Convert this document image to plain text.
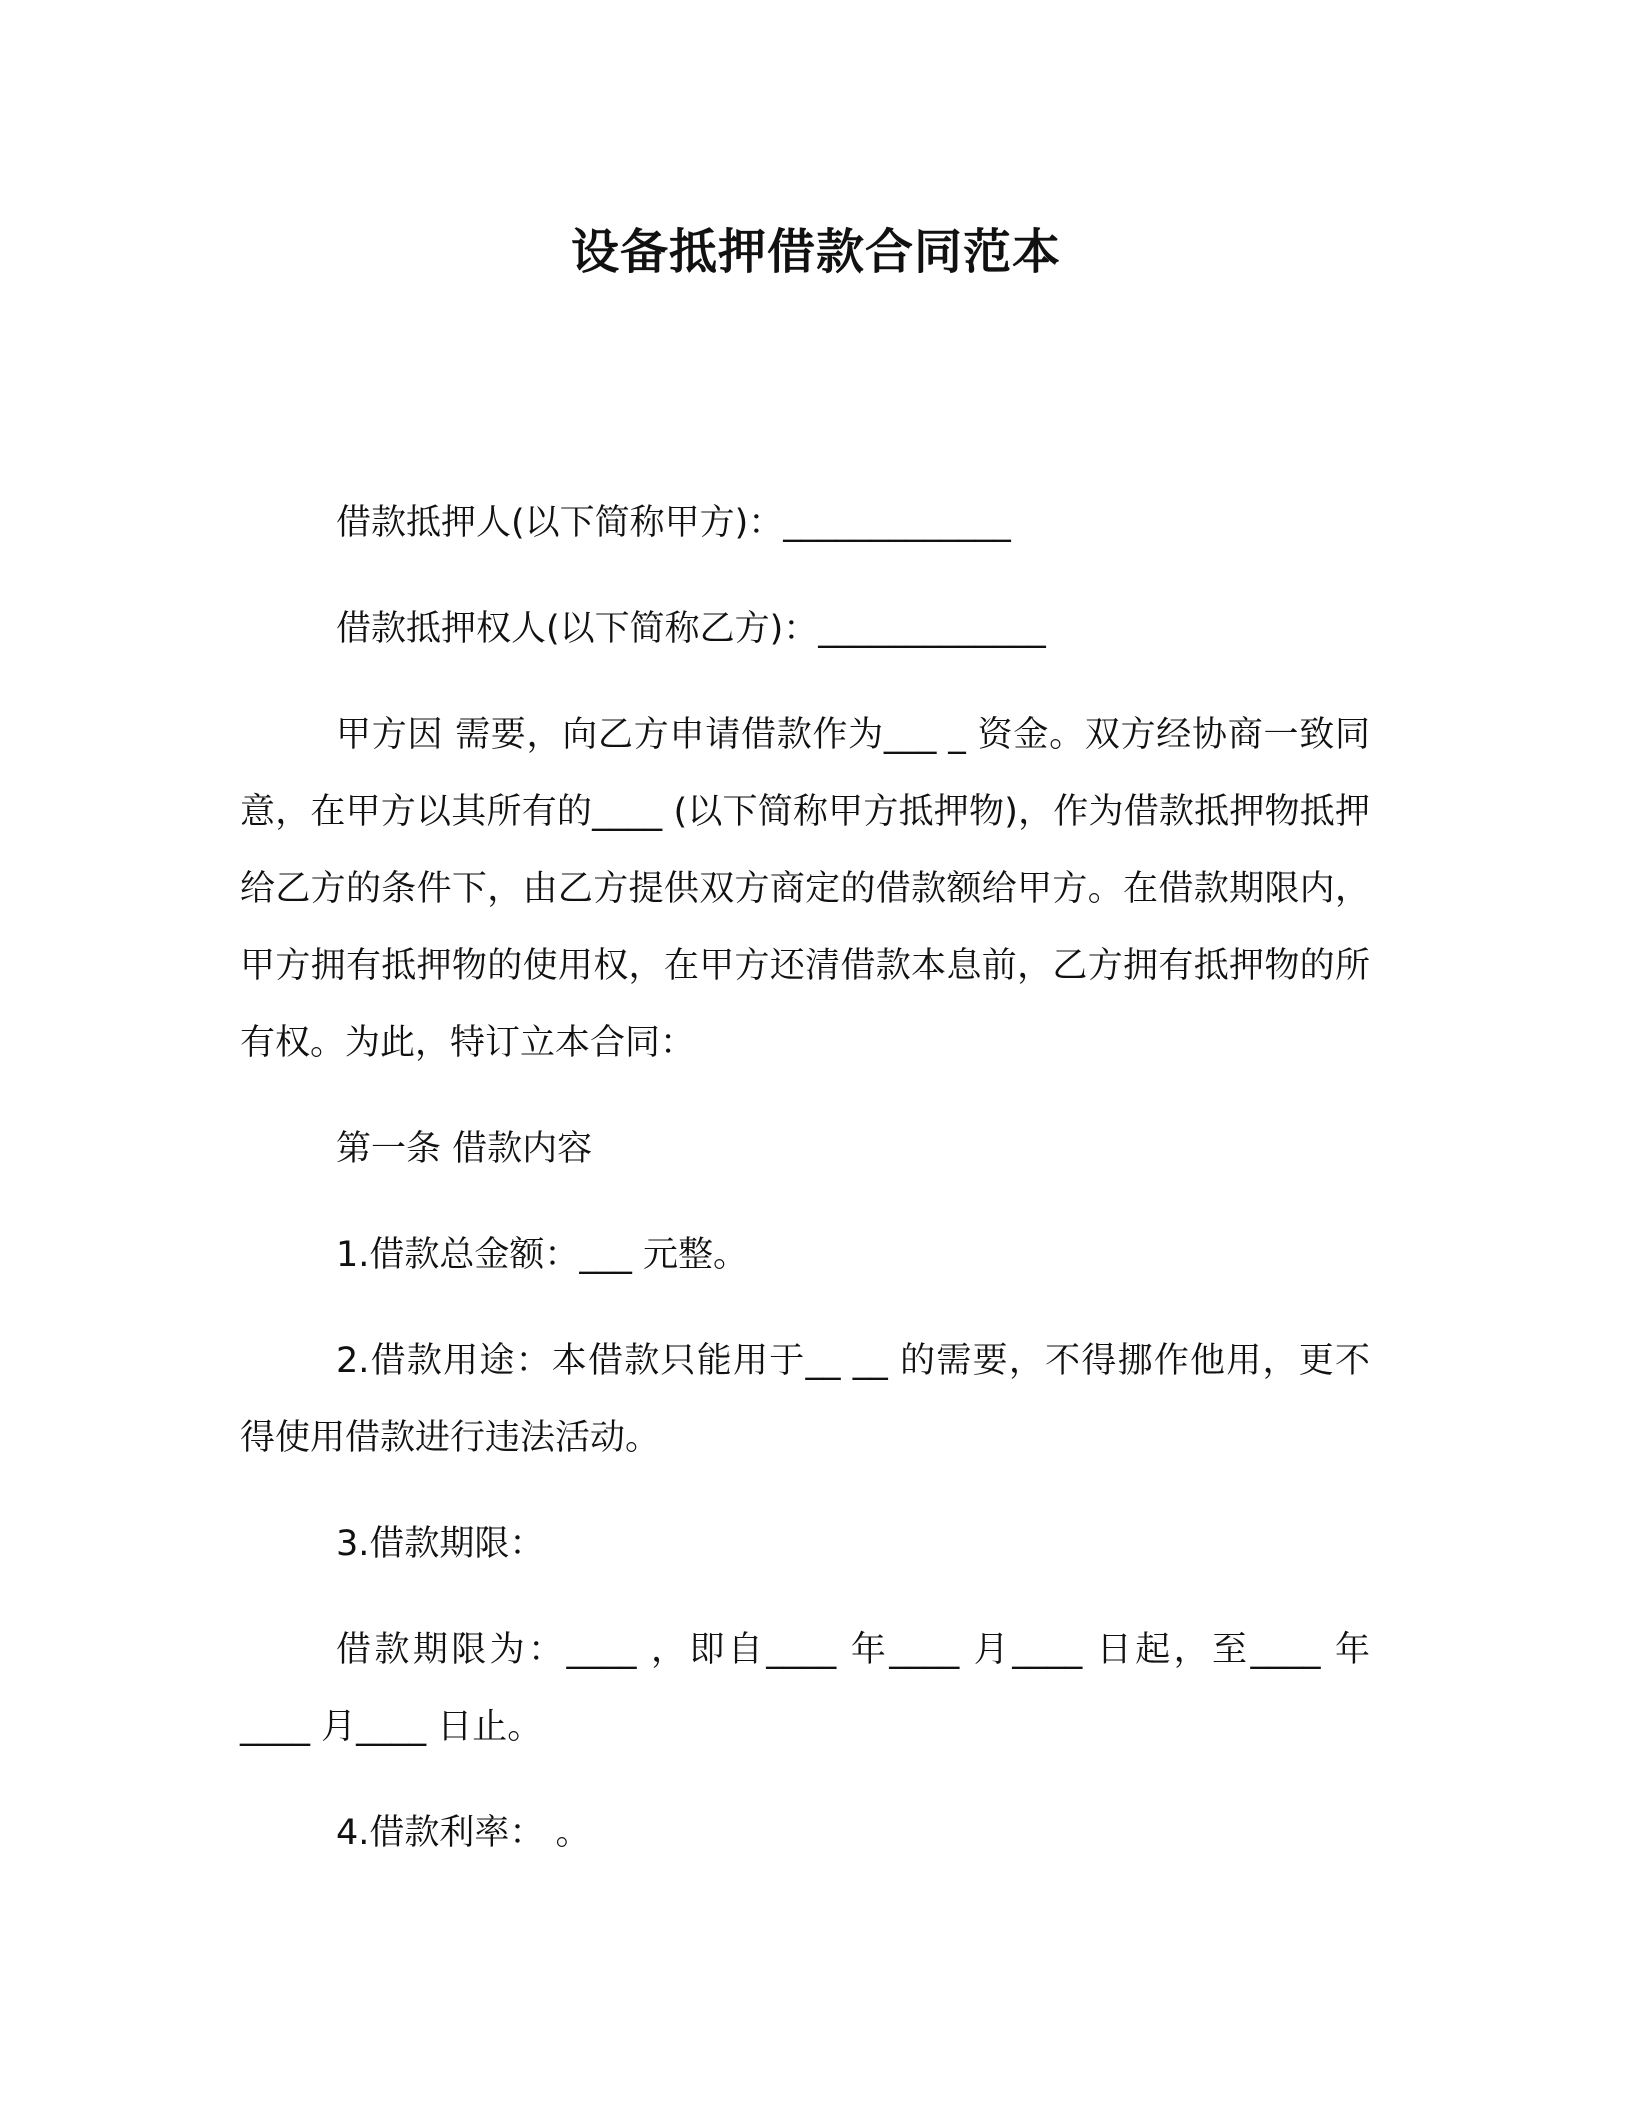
设备抵押借款合同范本

借款抵押人(以下简称甲方)：_____________

借款抵押权人(以下简称乙方)：_____________

甲方因 需要，向乙方申请借款作为___ _ 资金。双方经协商一致同意，在甲方以其所有的____ (以下简称甲方抵押物)，作为借款抵押物抵押给乙方的条件下，由乙方提供双方商定的借款额给甲方。在借款期限内，甲方拥有抵押物的使用权，在甲方还清借款本息前，乙方拥有抵押物的所有权。为此，特订立本合同：

第一条 借款内容

1.借款总金额：___ 元整。

2.借款用途：本借款只能用于__ __ 的需要，不得挪作他用，更不得使用借款进行违法活动。

3.借款期限：

借款期限为：____ ，即自____ 年____ 月____ 日起，至____ 年____ 月____ 日止。

4.借款利率： 。
